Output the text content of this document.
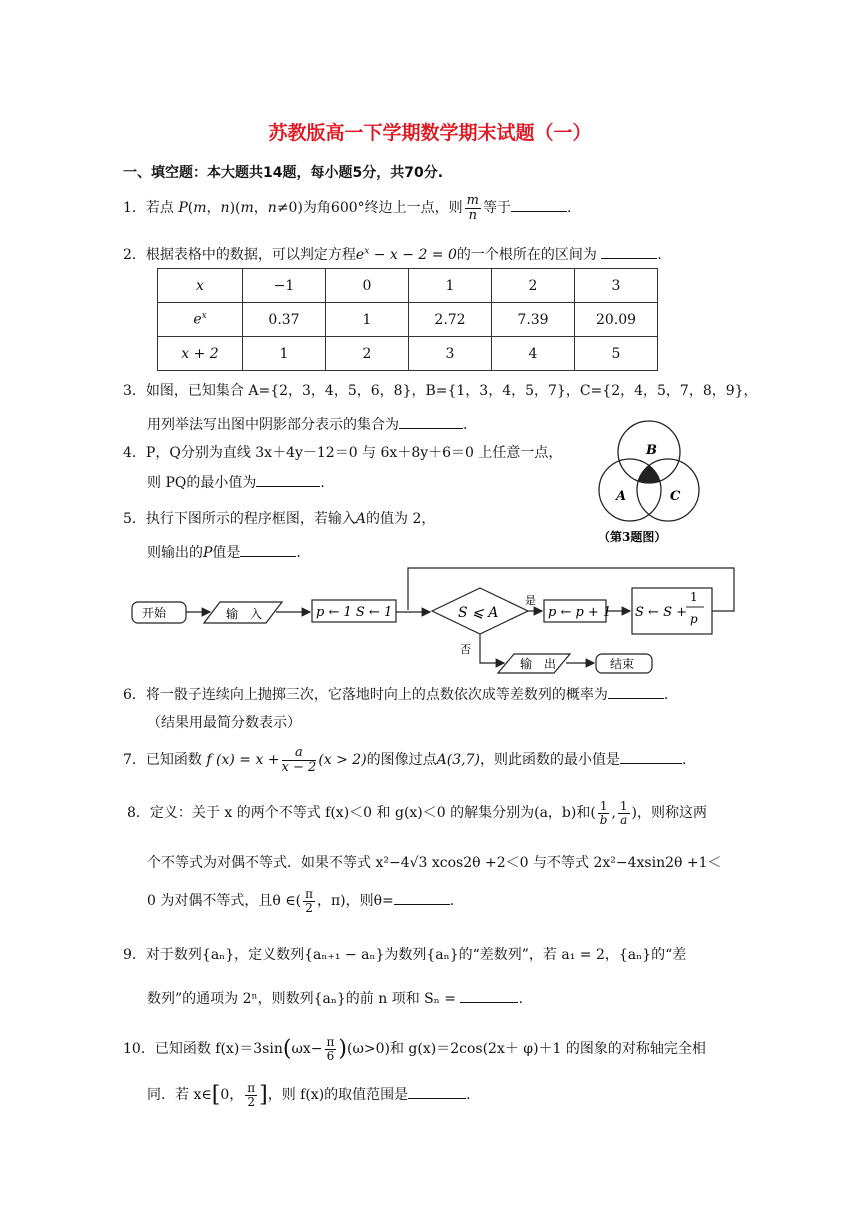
苏教版高一下学期数学期末试题（一）
一、填空题：本大题共14题，每小题5分，共70分.
1．若点 P(m，n)(m，n≠0)为角600°终边上一点，则 $\frac{m}{n}$ 等于	.
2．根据表格中的数据，可以判定方程$e^x - x - 2 = 0$的一个根所在的区间为	.
x	−1	0	1	2	3
$e^x$	0.37	1	2.72	7.39	20.09
x + 2	1	2	3	4	5
3．如图，已知集合 A={2，3，4，5，6，8}，B={1，3，4，5，7}，C={2，4，5，7，8，9}，
用列举法写出图中阴影部分表示的集合为	.
4．P，Q分别为直线 3x＋4y－12＝0 与 6x＋8y＋6＝0 上任意一点，
则 PQ的最小值为	.
B
A	C
（第3题图）
5．执行下图所示的程序框图，若输入A的值为 2，
则输出的P值是	.
开始	输　入	p ← 1 S ← 1	S ⩽ A
是
否
p ← p + 1 S ← S +
1
p
输　出	结束
6．将一骰子连续向上抛掷三次，它落地时向上的点数依次成等差数列的概率为	.
（结果用最简分数表示）
7．已知函数 f $(x) = x + \frac{a}{x - 2} (x > 2)$的图像过点A(3,7)，则此函数的最小值是	.
8．定义：关于 x 的两个不等式 f(x)＜0 和 g(x)＜0 的解集分别为(a，b)和( $\frac{1}{b}$ , $\frac{1}{a}$ )，则称这两
个不等式为对偶不等式．如果不等式 x²−4√3 xcos2θ +2＜0 与不等式 2x²−4xsin2θ +1＜
0 为对偶不等式，且θ ∈( $\frac{\pi}{2}$ ，π)，则θ=	.
9．对于数列{aₙ}，定义数列{aₙ₊₁ − aₙ}为数列{aₙ}的“差数列”，若 a₁ = 2，{aₙ}的“差
数列”的通项为 2ⁿ，则数列{aₙ}的前 n 项和 Sₙ =	.
10．已知函数 $f(x)=3\sin(\omega x- \frac{\pi}{6} )(\omega>0)$和 g(x)＝2cos(2x＋ φ)＋1 的图象的对称轴完全相
同．若 x∈[0， $\frac{\pi}{2}$ ]，则 f(x)的取值范围是	.
